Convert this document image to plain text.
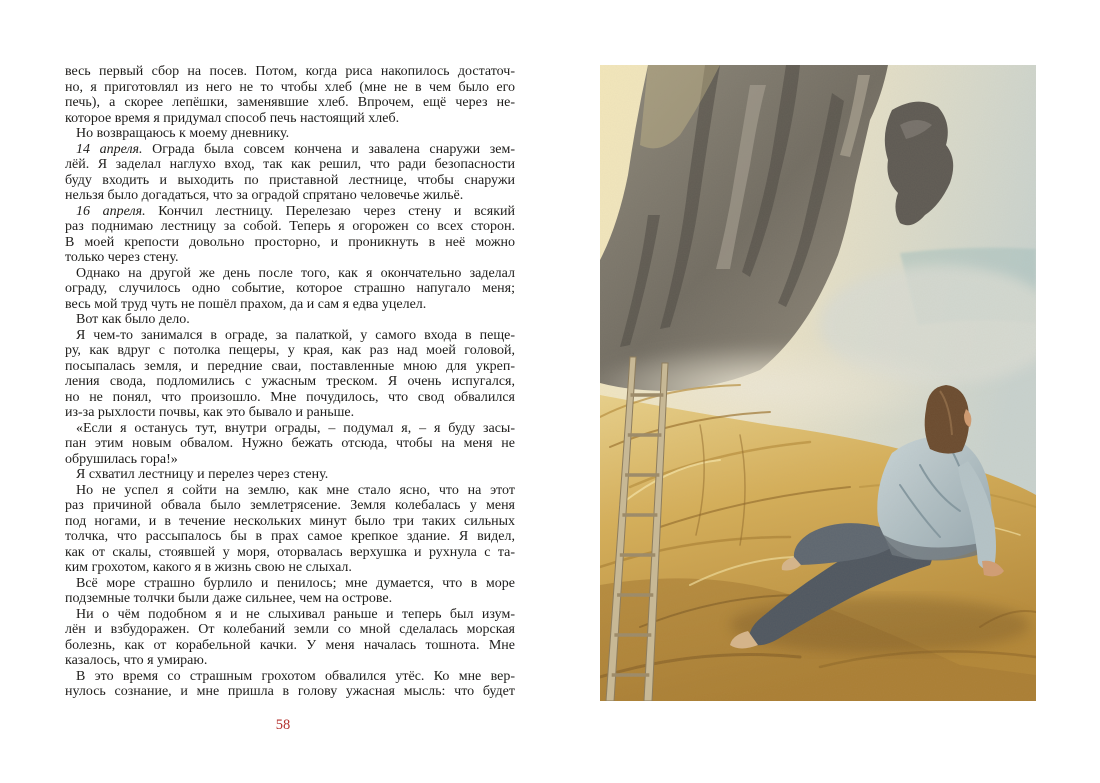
весь первый сбор на посев. Потом, когда риса накопилось достаточ-
но, я приготовлял из него не то чтобы хлеб (мне не в чем было его
печь), а скорее лепёшки, заменявшие хлеб. Впрочем, ещё через не-
которое время я придумал способ печь настоящий хлеб.
Но возвращаюсь к моему дневнику.
14 апреля. Ограда была совсем кончена и завалена снаружи зем-
лёй. Я заделал наглухо вход, так как решил, что ради безопасности
буду входить и выходить по приставной лестнице, чтобы снаружи
нельзя было догадаться, что за оградой спрятано человечье жильё.
16 апреля. Кончил лестницу. Перелезаю через стену и всякий
раз поднимаю лестницу за собой. Теперь я огорожен со всех сторон.
В моей крепости довольно просторно, и проникнуть в неё можно
только через стену.
Однако на другой же день после того, как я окончательно заделал
ограду, случилось одно событие, которое страшно напугало меня;
весь мой труд чуть не пошёл прахом, да и сам я едва уцелел.
Вот как было дело.
Я чем-то занимался в ограде, за палаткой, у самого входа в пеще-
ру, как вдруг с потолка пещеры, у края, как раз над моей головой,
посыпалась земля, и передние сваи, поставленные мною для укреп-
ления свода, подломились с ужасным треском. Я очень испугался,
но не понял, что произошло. Мне почудилось, что свод обвалился
из-за рыхлости почвы, как это бывало и раньше.
«Если я останусь тут, внутри ограды, – подумал я, – я буду засы-
пан этим новым обвалом. Нужно бежать отсюда, чтобы на меня не
обрушилась гора!»
Я схватил лестницу и перелез через стену.
Но не успел я сойти на землю, как мне стало ясно, что на этот
раз причиной обвала было землетрясение. Земля колебалась у меня
под ногами, и в течение нескольких минут было три таких сильных
толчка, что рассыпалось бы в прах самое крепкое здание. Я видел,
как от скалы, стоявшей у моря, оторвалась верхушка и рухнула с та-
ким грохотом, какого я в жизнь свою не слыхал.
Всё море страшно бурлило и пенилось; мне думается, что в море
подземные толчки были даже сильнее, чем на острове.
Ни о чём подобном я и не слыхивал раньше и теперь был изум-
лён и взбудоражен. От колебаний земли со мной сделалась морская
болезнь, как от корабельной качки. У меня началась тошнота. Мне
казалось, что я умираю.
В это время со страшным грохотом обвалился утёс. Ко мне вер-
нулось сознание, и мне пришла в голову ужасная мысль: что будет
58
